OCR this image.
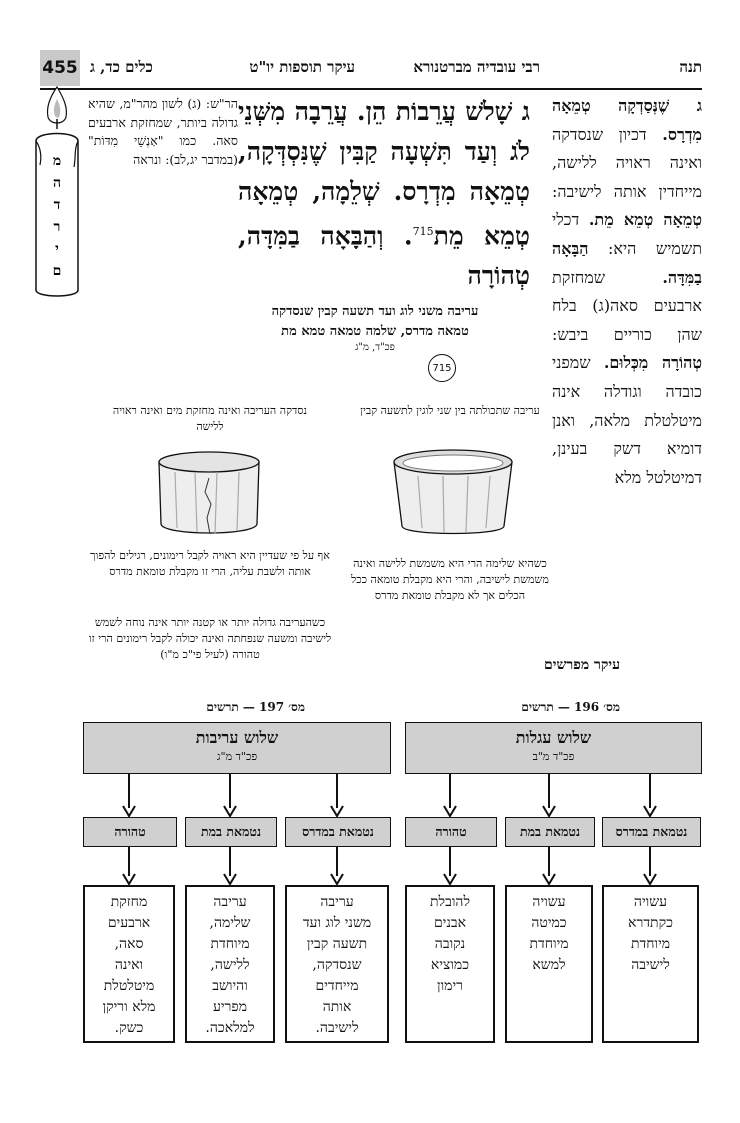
תנה
רבי עובדיה מברטנורא
עיקר תוספות יו"ט
כלים כד, ג
455
מ
ה
ד
ר
י
ם
ג שֶׁנְּסַדְקָה טְמֵאָה מִדְרָס. דכיון שנסדקה ואינה ראויה ללישה, מייחדין אותה לישיבה: טְמֵאָה טְמֵא מֵת. דכלי תשמיש היא: הַבָּאָה בַמִּדָּה. שמחזקת ארבעים סאה(ג) בלח שהן כוריים ביבש: טְהוֹרָה מִכְּלוּם. שמפני כובדה וגודלה אינה מיטלטלת מלאה, ואנן דומיא דשק בעינן, דמיטלטל מלא
ג שָׁלֹשׁ עֲרֵבוֹת הֵן. עֲרֵבָה מִשְּׁנֵי לֹג וְעַד תִּשְׁעָה קַבִּין שֶׁנִּסְדְּקָה, טְמֵאָה מִדְרָס. שְׁלֵמָה, טְמֵאָה טְמֵא מֵת$^{715}$. וְהַבָּאָה בַמִּדָּה, טְהוֹרָה
הר"ש: (ג) לשון מהר"מ, שהיא גדולה ביותר, שמחזקת ארבעים סאה. כמו "אַנְשֵׁי מִדּוֹת" (במדבר יג,לב): ונראה
עריבה משני לוג ועד תשעה קבין שנסדקה
טמאה מדרס, שלמה טמאה טמא מת
פכ"ד, מ"ג
715
עריבה שתכולתה בין שני לוגין לתשעה קבין
נסדקה העריבה ואינה מחזקת מים ואינה ראויה ללישה
כשהיא שלימה הרי היא משמשת ללישה ואינה משמשת לישיבה, והרי היא מקבלת טומאה ככל הכלים אך לא מקבלת טומאת מדרס
אף על פי שעדיין היא ראויה לקבל רימונים, רגילים להפוך אותה ולשבת עליה, הרי זו מקבלת טומאת מדרס
כשהעריבה גדולה יותר או קטנה יותר אינה נוחה לשמש לישיבה ומשעה שנפחתה ואינה יכולה לקבל רימונים הרי זו טהורה (לעיל פי"כ מ"ו)
עיקר מפרשים
מס׳ 196 — תרשים
שלוש עגלות
פכ"ד מ"ב
נטמאת במדרס
נטמאת במת
טהורה
עשויה
כקתדרא
מיוחדת
לישיבה
עשויה
כמיטה
מיוחדת
למשא
להובלת
אבנים
נקובה
כמוציא
רימון
מס׳ 197 — תרשים
שלוש עריבות
פכ"ד מ"ג
נטמאת במדרס
נטמאת במת
טהורה
עריבה
משני לוג ועד
תשעה קבין
שנסדקה,
מייחדים
אותה
לישיבה.
עריבה
שלימה,
מיוחדת
ללישה,
והיושב
מפריע
למלאכה.
מחזקת
ארבעים
סאה,
ואינה
מיטלטלת
מלא וריקן
כשק.
